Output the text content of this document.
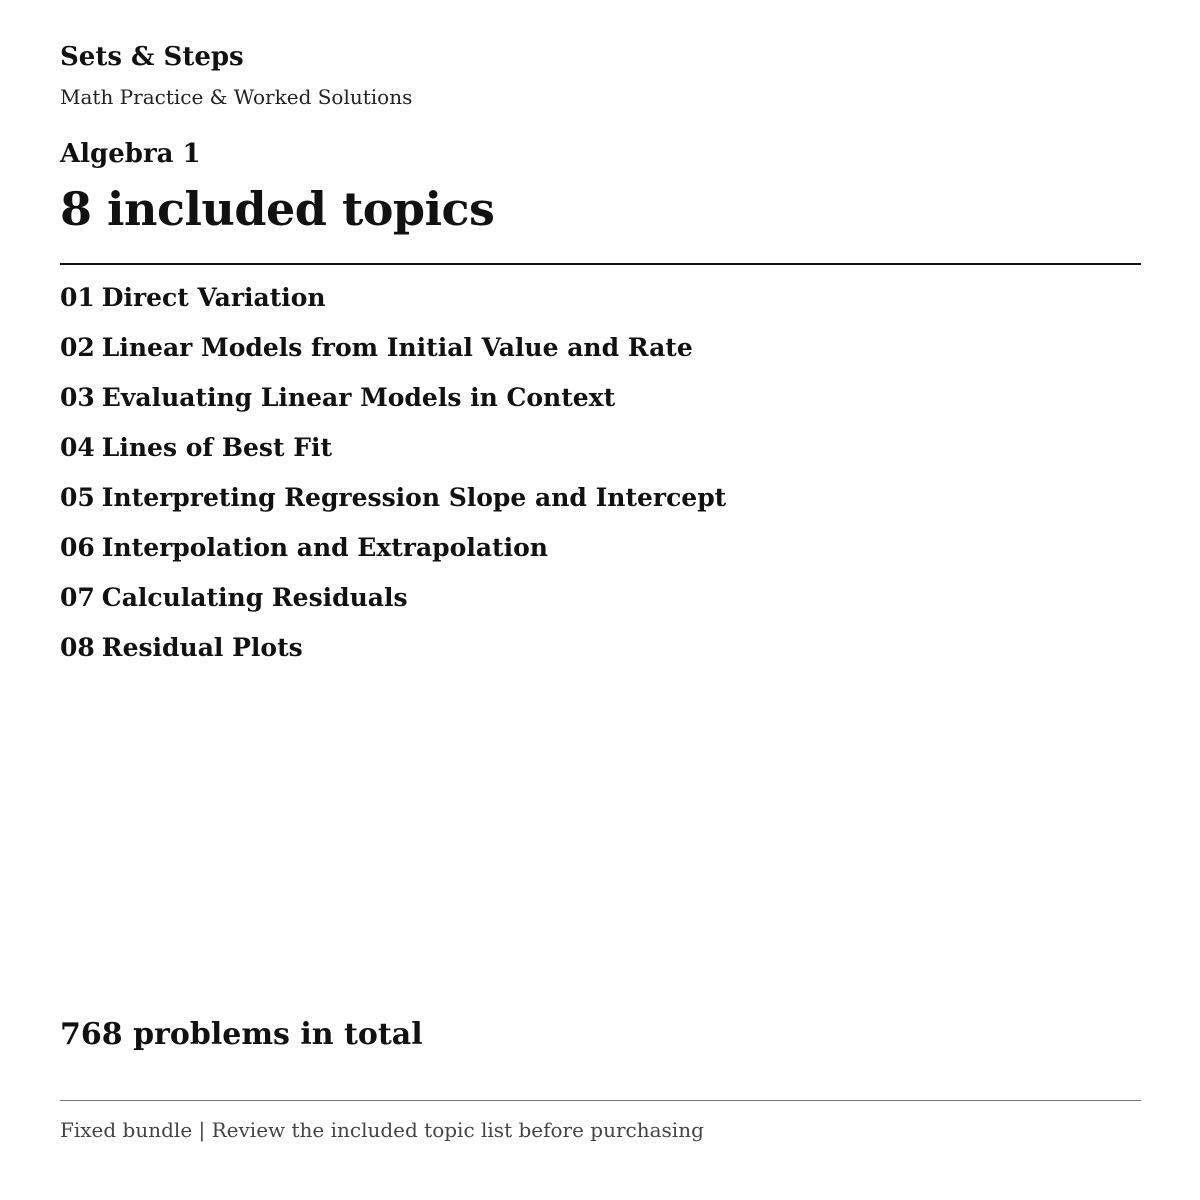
Sets & Steps

Math Practice & Worked Solutions

Algebra 1
8 included topics
01 Direct Variation
02 Linear Models from Initial Value and Rate
03 Evaluating Linear Models in Context
04 Lines of Best Fit
05 Interpreting Regression Slope and Intercept
06 Interpolation and Extrapolation
07 Calculating Residuals
08 Residual Plots

768 problems in total

Fixed bundle | Review the included topic list before purchasing
